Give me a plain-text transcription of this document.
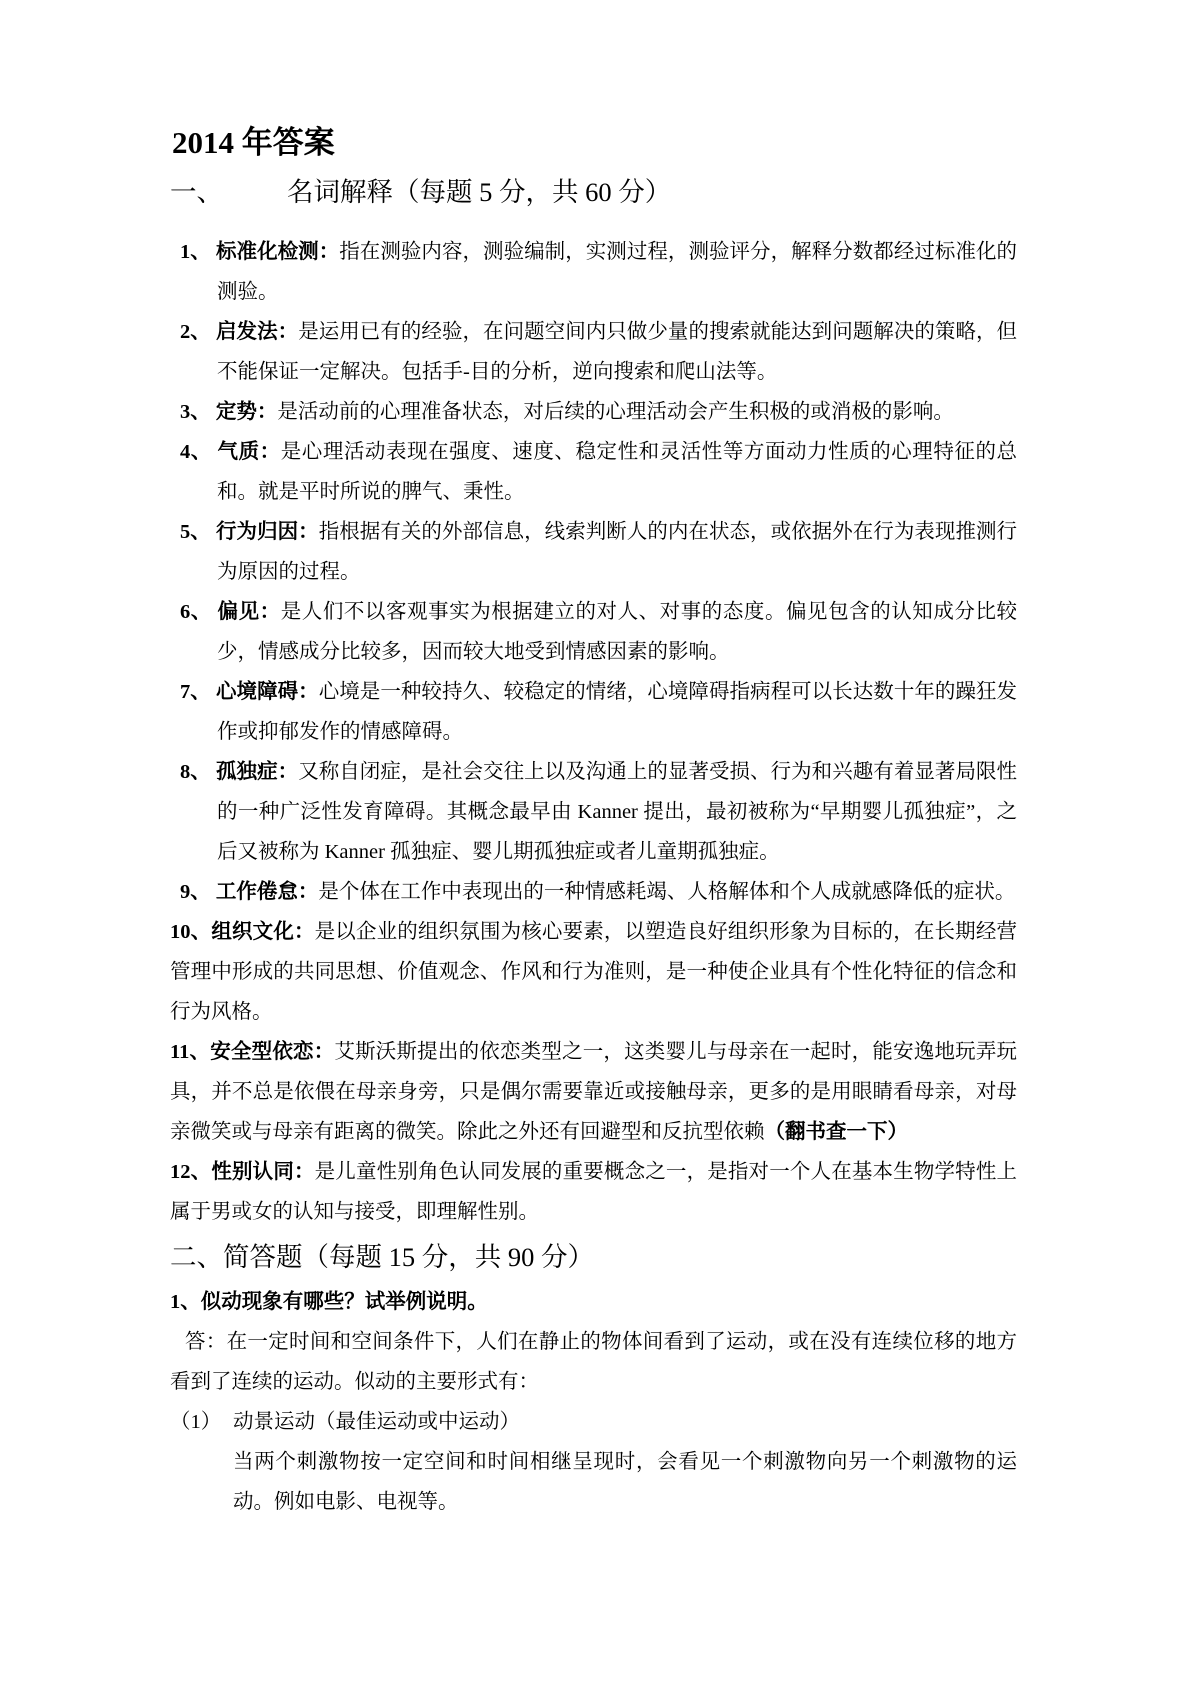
2014 年答案
一、 名词解释（每题 5 分，共 60 分）

1、 标准化检测：指在测验内容，测验编制，实测过程，测验评分，解释分数都经过标准化的测验。

2、 启发法：是运用已有的经验，在问题空间内只做少量的搜索就能达到问题解决的策略，但不能保证一定解决。包括手-目的分析，逆向搜索和爬山法等。

3、 定势：是活动前的心理准备状态，对后续的心理活动会产生积极的或消极的影响。

4、 气质：是心理活动表现在强度、速度、稳定性和灵活性等方面动力性质的心理特征的总和。就是平时所说的脾气、秉性。

5、 行为归因：指根据有关的外部信息，线索判断人的内在状态，或依据外在行为表现推测行为原因的过程。

6、 偏见：是人们不以客观事实为根据建立的对人、对事的态度。偏见包含的认知成分比较少，情感成分比较多，因而较大地受到情感因素的影响。

7、 心境障碍：心境是一种较持久、较稳定的情绪，心境障碍指病程可以长达数十年的躁狂发作或抑郁发作的情感障碍。

8、 孤独症：又称自闭症，是社会交往上以及沟通上的显著受损、行为和兴趣有着显著局限性的一种广泛性发育障碍。其概念最早由 Kanner 提出，最初被称为“早期婴儿孤独症”，之后又被称为 Kanner 孤独症、婴儿期孤独症或者儿童期孤独症。

9、 工作倦怠：是个体在工作中表现出的一种情感耗竭、人格解体和个人成就感降低的症状。

10、组织文化：是以企业的组织氛围为核心要素，以塑造良好组织形象为目标的，在长期经营管理中形成的共同思想、价值观念、作风和行为准则，是一种使企业具有个性化特征的信念和行为风格。

11、安全型依恋：艾斯沃斯提出的依恋类型之一，这类婴儿与母亲在一起时，能安逸地玩弄玩具，并不总是依偎在母亲身旁，只是偶尔需要靠近或接触母亲，更多的是用眼睛看母亲，对母亲微笑或与母亲有距离的微笑。除此之外还有回避型和反抗型依赖（翻书查一下）

12、性别认同：是儿童性别角色认同发展的重要概念之一，是指对一个人在基本生物学特性上属于男或女的认知与接受，即理解性别。

二、简答题（每题 15 分，共 90 分）

1、似动现象有哪些？试举例说明。

答：在一定时间和空间条件下，人们在静止的物体间看到了运动，或在没有连续位移的地方看到了连续的运动。似动的主要形式有：

（1） 动景运动（最佳运动或中运动）

当两个刺激物按一定空间和时间相继呈现时，会看见一个刺激物向另一个刺激物的运动。例如电影、电视等。
